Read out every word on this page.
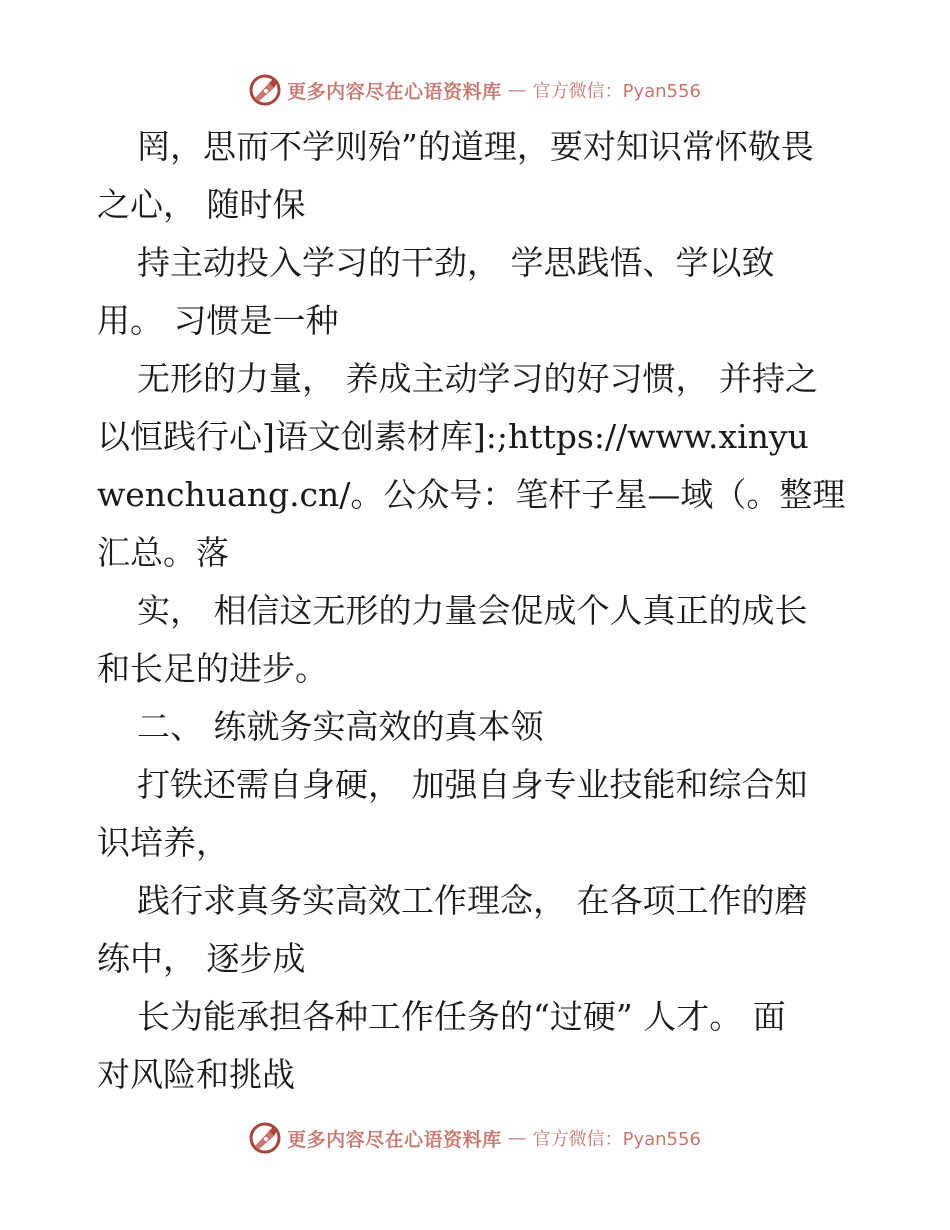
更多内容尽在心语资料库 — 官方微信：Pyan556
罔，思而不学则殆”的道理，要对知识常怀敬畏
之心， 随时保
持主动投入学习的干劲， 学思践悟、学以致
用。 习惯是一种
无形的力量， 养成主动学习的好习惯， 并持之
以恒践行心]语文创素材库]:;https://www.xinyu
wenchuang.cn/。公众号：笔杆子星—域（。整理
汇总。落
实， 相信这无形的力量会促成个人真正的成长
和长足的进步。
二、 练就务实高效的真本领
打铁还需自身硬， 加强自身专业技能和综合知
识培养，
践行求真务实高效工作理念， 在各项工作的磨
练中， 逐步成
长为能承担各种工作任务的“过硬” 人才。 面
对风险和挑战
更多内容尽在心语资料库 — 官方微信：Pyan556
